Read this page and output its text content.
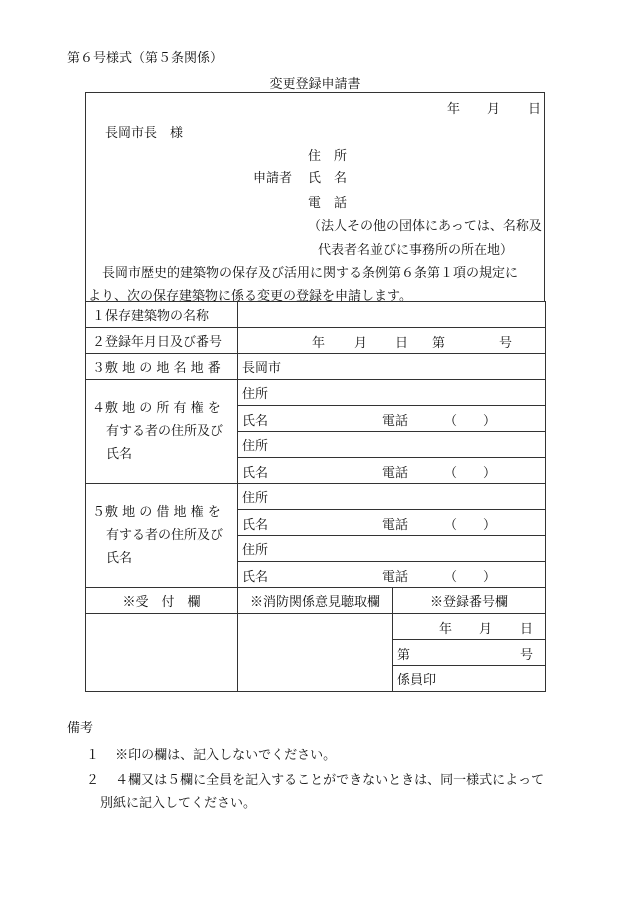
第６号様式（第５条関係）
変更登録申請書
年 月 日
長岡市長　様
住　所
申請者 氏　名
電　話
（法人その他の団体にあっては、名称及
代表者名並びに事務所の所在地）
長岡市歴史的建築物の保存及び活用に関する条例第６条第１項の規定に
より、次の保存建築物に係る変更の登録を申請します。
１保存建築物の名称		
２登録年月日及び番号	年 月 日 第 号	

３敷 地 の 地 名 地 番	長岡市	

４敷 地 の 所 有 権 を
有する者の住所及び
氏名	住所	

	氏名 電話 （　　）	

	住所	

	氏名 電話 （　　）	

５敷 地 の 借 地 権 を
有する者の住所及び
氏名	住所	

	氏名 電話 （　　）	

	住所	

	氏名 電話 （　　）	

※受　付　欄	※消防関係意見聴取欄	※登録番号欄

		年 月 日

		第 号

		係員印
備考
１ ※印の欄は、記入しないでください。
２ ４欄又は５欄に全員を記入することができないときは、同一様式によって
別紙に記入してください。
